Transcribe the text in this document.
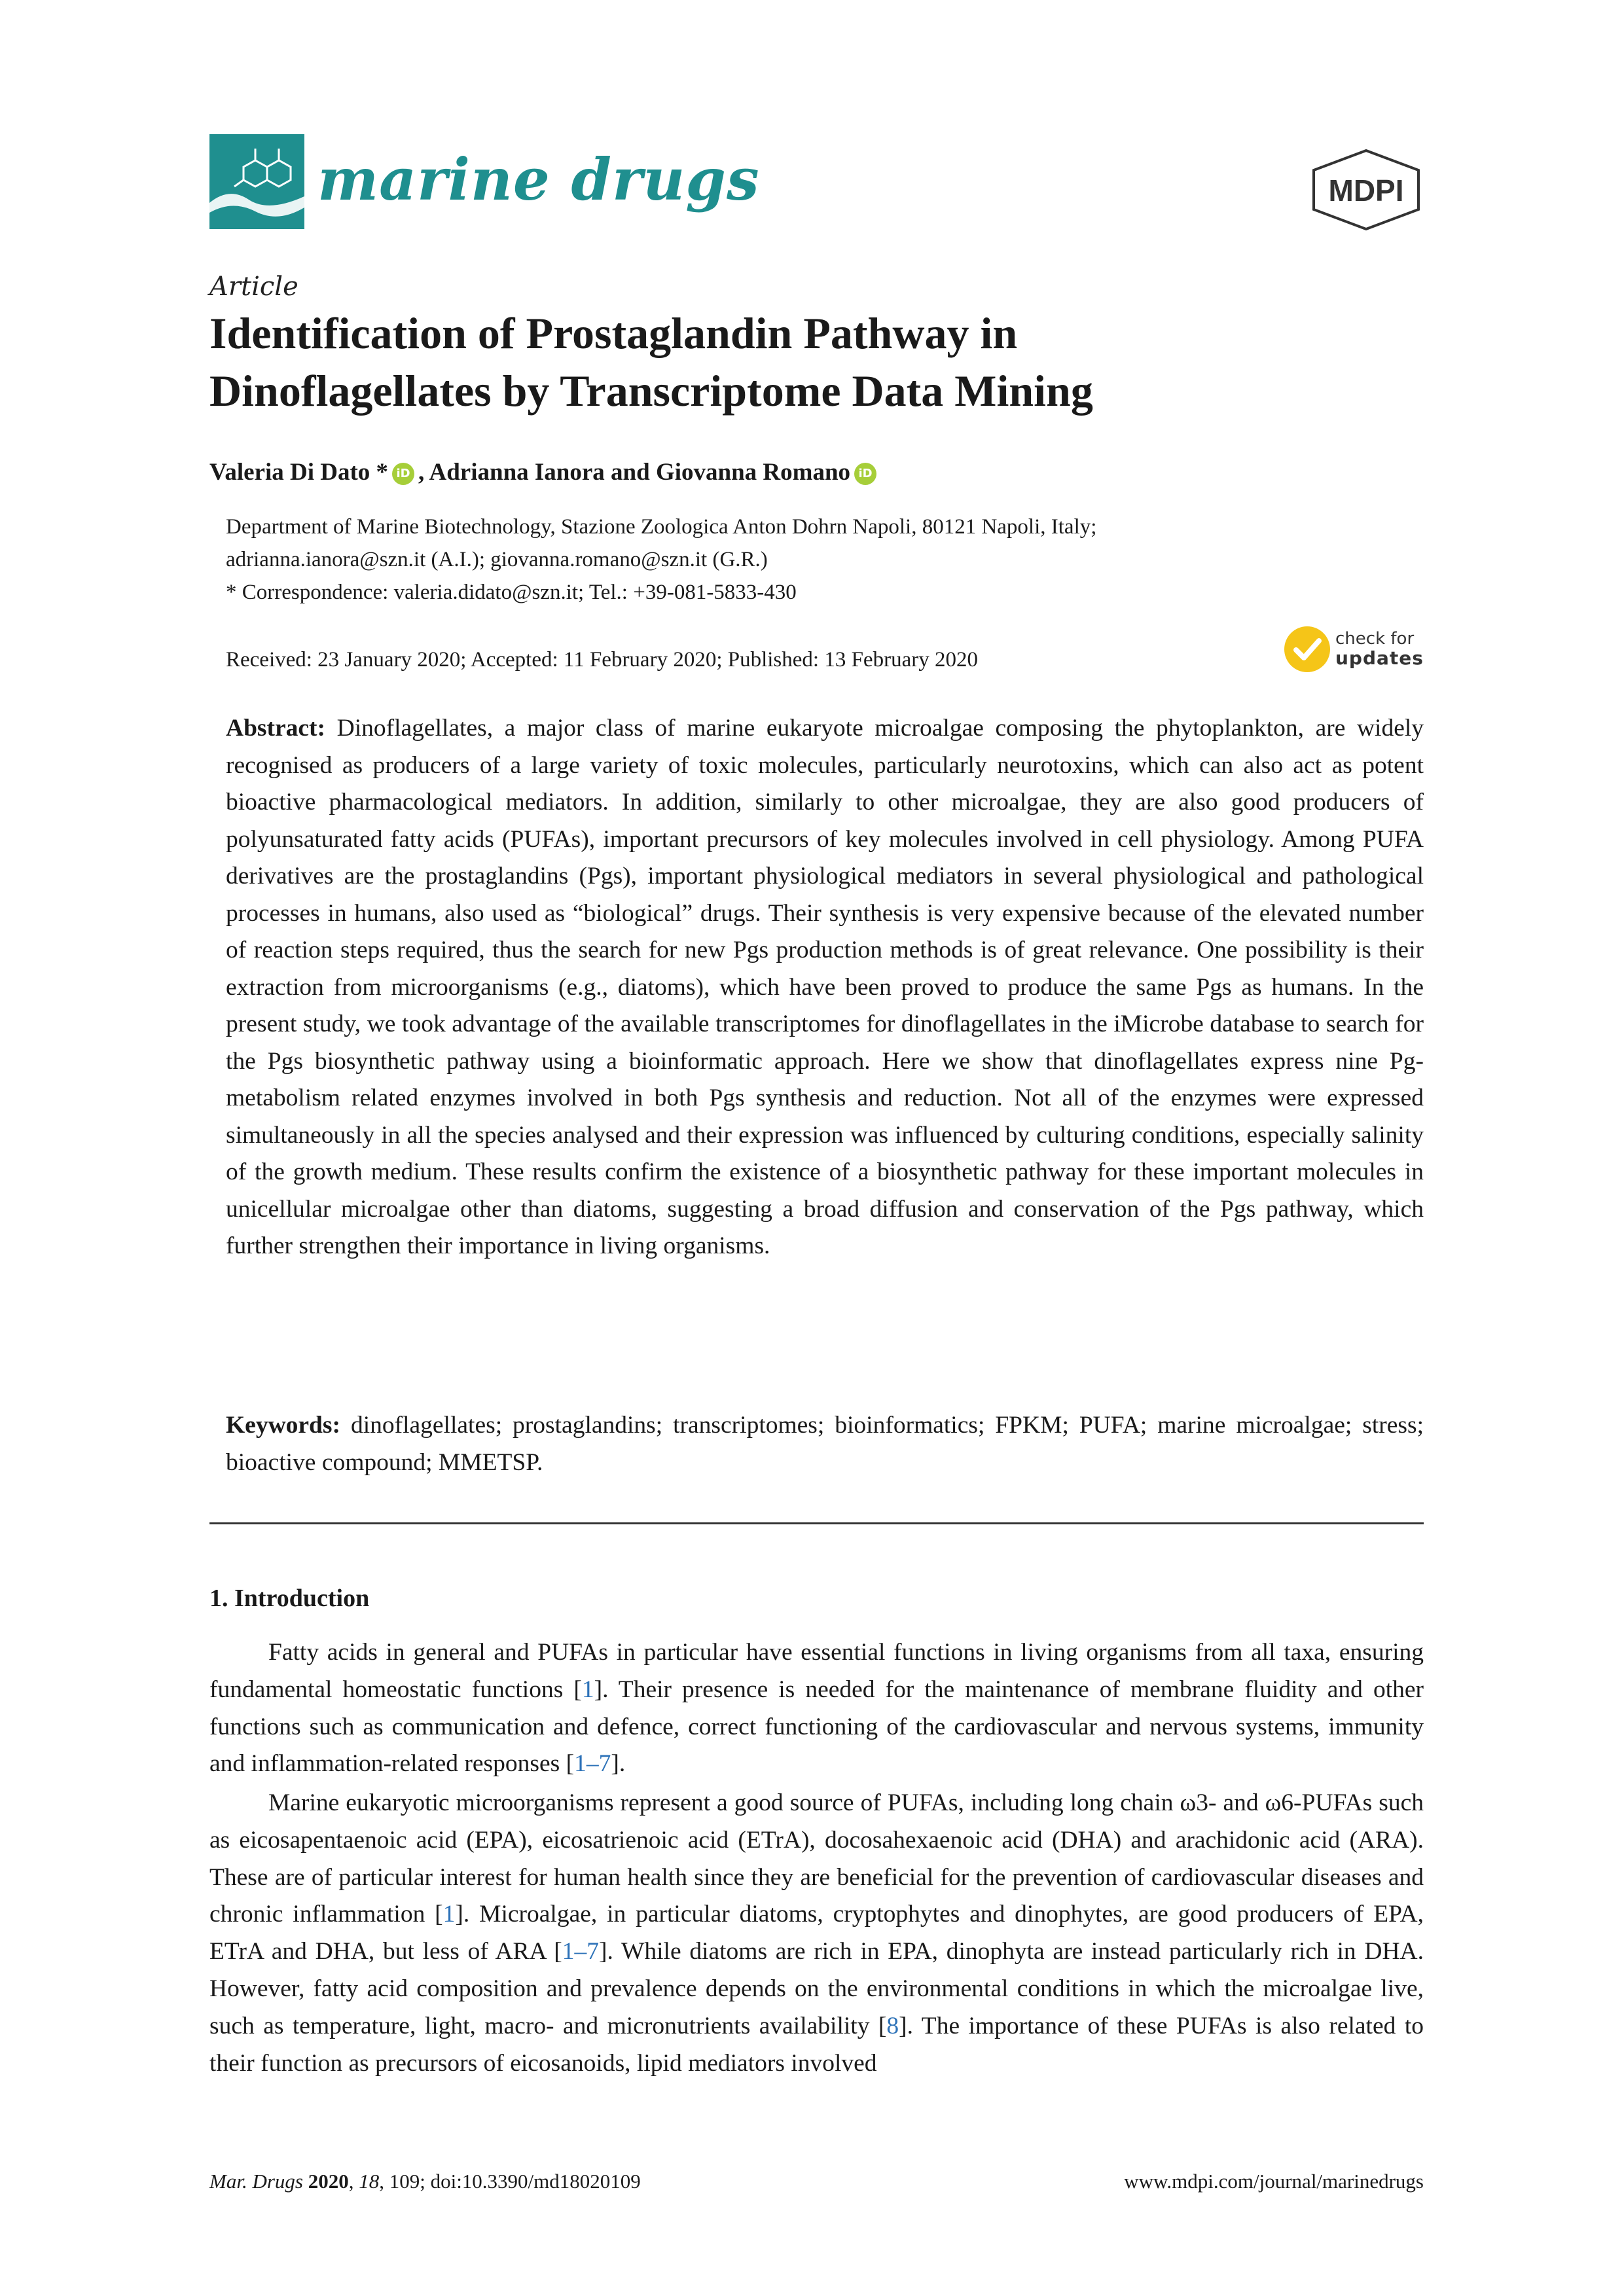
marine drugs	MDPI
Article
Identification of Prostaglandin Pathway in
Dinoflagellates by Transcriptome Data Mining
Valeria Di Dato * iD , Adrianna Ianora and Giovanna Romano iD
Department of Marine Biotechnology, Stazione Zoologica Anton Dohrn Napoli, 80121 Napoli, Italy;
adrianna.ianora@szn.it (A.I.); giovanna.romano@szn.it (G.R.)
* Correspondence: valeria.didato@szn.it; Tel.: +39-081-5833-430
Received: 23 January 2020; Accepted: 11 February 2020; Published: 13 February 2020
check for
updates

Abstract: Dinoflagellates, a major class of marine eukaryote microalgae composing the phytoplankton, are widely recognised as producers of a large variety of toxic molecules, particularly neurotoxins, which can also act as potent bioactive pharmacological mediators. In addition, similarly to other microalgae, they are also good producers of polyunsaturated fatty acids (PUFAs), important precursors of key molecules involved in cell physiology. Among PUFA derivatives are the prostaglandins (Pgs), important physiological mediators in several physiological and pathological processes in humans, also used as “biological” drugs. Their synthesis is very expensive because of the elevated number of reaction steps required, thus the search for new Pgs production methods is of great relevance. One possibility is their extraction from microorganisms (e.g., diatoms), which have been proved to produce the same Pgs as humans. In the present study, we took advantage of the available transcriptomes for dinoflagellates in the iMicrobe database to search for the Pgs biosynthetic pathway using a bioinformatic approach. Here we show that dinoflagellates express nine Pg-metabolism related enzymes involved in both Pgs synthesis and reduction. Not all of the enzymes were expressed simultaneously in all the species analysed and their expression was influenced by culturing conditions, especially salinity of the growth medium. These results confirm the existence of a biosynthetic pathway for these important molecules in unicellular microalgae other than diatoms, suggesting a broad diffusion and conservation of the Pgs pathway, which further strengthen their importance in living organisms.

Keywords: dinoflagellates; prostaglandins; transcriptomes; bioinformatics; FPKM; PUFA; marine microalgae; stress; bioactive compound; MMETSP.

1. Introduction

Fatty acids in general and PUFAs in particular have essential functions in living organisms from all taxa, ensuring fundamental homeostatic functions [1]. Their presence is needed for the maintenance of membrane fluidity and other functions such as communication and defence, correct functioning of the cardiovascular and nervous systems, immunity and inflammation-related responses [1–7].

Marine eukaryotic microorganisms represent a good source of PUFAs, including long chain ω3- and ω6-PUFAs such as eicosapentaenoic acid (EPA), eicosatrienoic acid (ETrA), docosahexaenoic acid (DHA) and arachidonic acid (ARA). These are of particular interest for human health since they are beneficial for the prevention of cardiovascular diseases and chronic inflammation [1]. Microalgae, in particular diatoms, cryptophytes and dinophytes, are good producers of EPA, ETrA and DHA, but less of ARA [1–7]. While diatoms are rich in EPA, dinophyta are instead particularly rich in DHA. However, fatty acid composition and prevalence depends on the environmental conditions in which the microalgae live, such as temperature, light, macro- and micronutrients availability [8]. The importance of these PUFAs is also related to their function as precursors of eicosanoids, lipid mediators involved

Mar. Drugs 2020, 18, 109; doi:10.3390/md18020109	www.mdpi.com/journal/marinedrugs
